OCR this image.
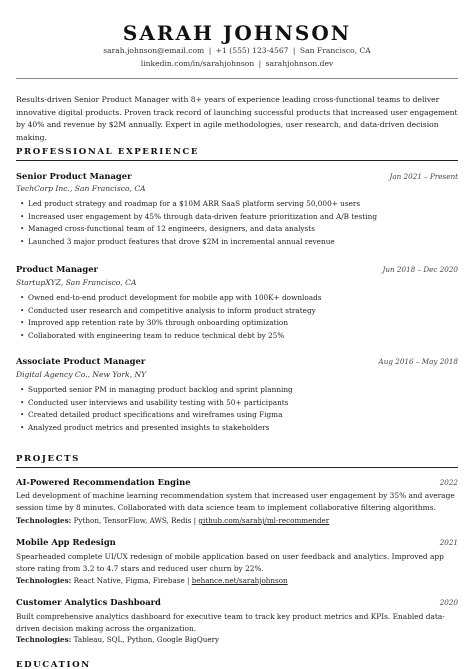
SARAH JOHNSON
sarah.johnson@email.com | +1 (555) 123-4567 | San Francisco, CA
linkedin.com/in/sarahjohnson | sarahjohnson.dev
Results-driven Senior Product Manager with 8+ years of experience leading cross-functional teams to deliver innovative digital products. Proven track record of launching successful products that increased user engagement by 40% and revenue by $2M annually. Expert in agile methodologies, user research, and data-driven decision making.
PROFESSIONAL EXPERIENCE
Senior Product Manager	Jan 2021 – Present
TechCorp Inc., San Francisco, CA
• Led product strategy and roadmap for a $10M ARR SaaS platform serving 50,000+ users
• Increased user engagement by 45% through data-driven feature prioritization and A/B testing
• Managed cross-functional team of 12 engineers, designers, and data analysts
• Launched 3 major product features that drove $2M in incremental annual revenue
Product Manager	Jun 2018 – Dec 2020
StartupXYZ, San Francisco, CA
• Owned end-to-end product development for mobile app with 100K+ downloads
• Conducted user research and competitive analysis to inform product strategy
• Improved app retention rate by 30% through onboarding optimization
• Collaborated with engineering team to reduce technical debt by 25%
Associate Product Manager	Aug 2016 – May 2018
Digital Agency Co., New York, NY
• Supported senior PM in managing product backlog and sprint planning
• Conducted user interviews and usability testing with 50+ participants
• Created detailed product specifications and wireframes using Figma
• Analyzed product metrics and presented insights to stakeholders
PROJECTS
AI-Powered Recommendation Engine	2022
Led development of machine learning recommendation system that increased user engagement by 35% and average session time by 8 minutes. Collaborated with data science team to implement collaborative filtering algorithms.
Technologies: Python, TensorFlow, AWS, Redis | github.com/sarahj/ml-recommender
Mobile App Redesign	2021
Spearheaded complete UI/UX redesign of mobile application based on user feedback and analytics. Improved app store rating from 3.2 to 4.7 stars and reduced user churn by 22%.
Technologies: React Native, Figma, Firebase | behance.net/sarahjohnson
Customer Analytics Dashboard	2020
Built comprehensive analytics dashboard for executive team to track key product metrics and KPIs. Enabled data-driven decision making across the organization.
Technologies: Tableau, SQL, Python, Google BigQuery
EDUCATION
